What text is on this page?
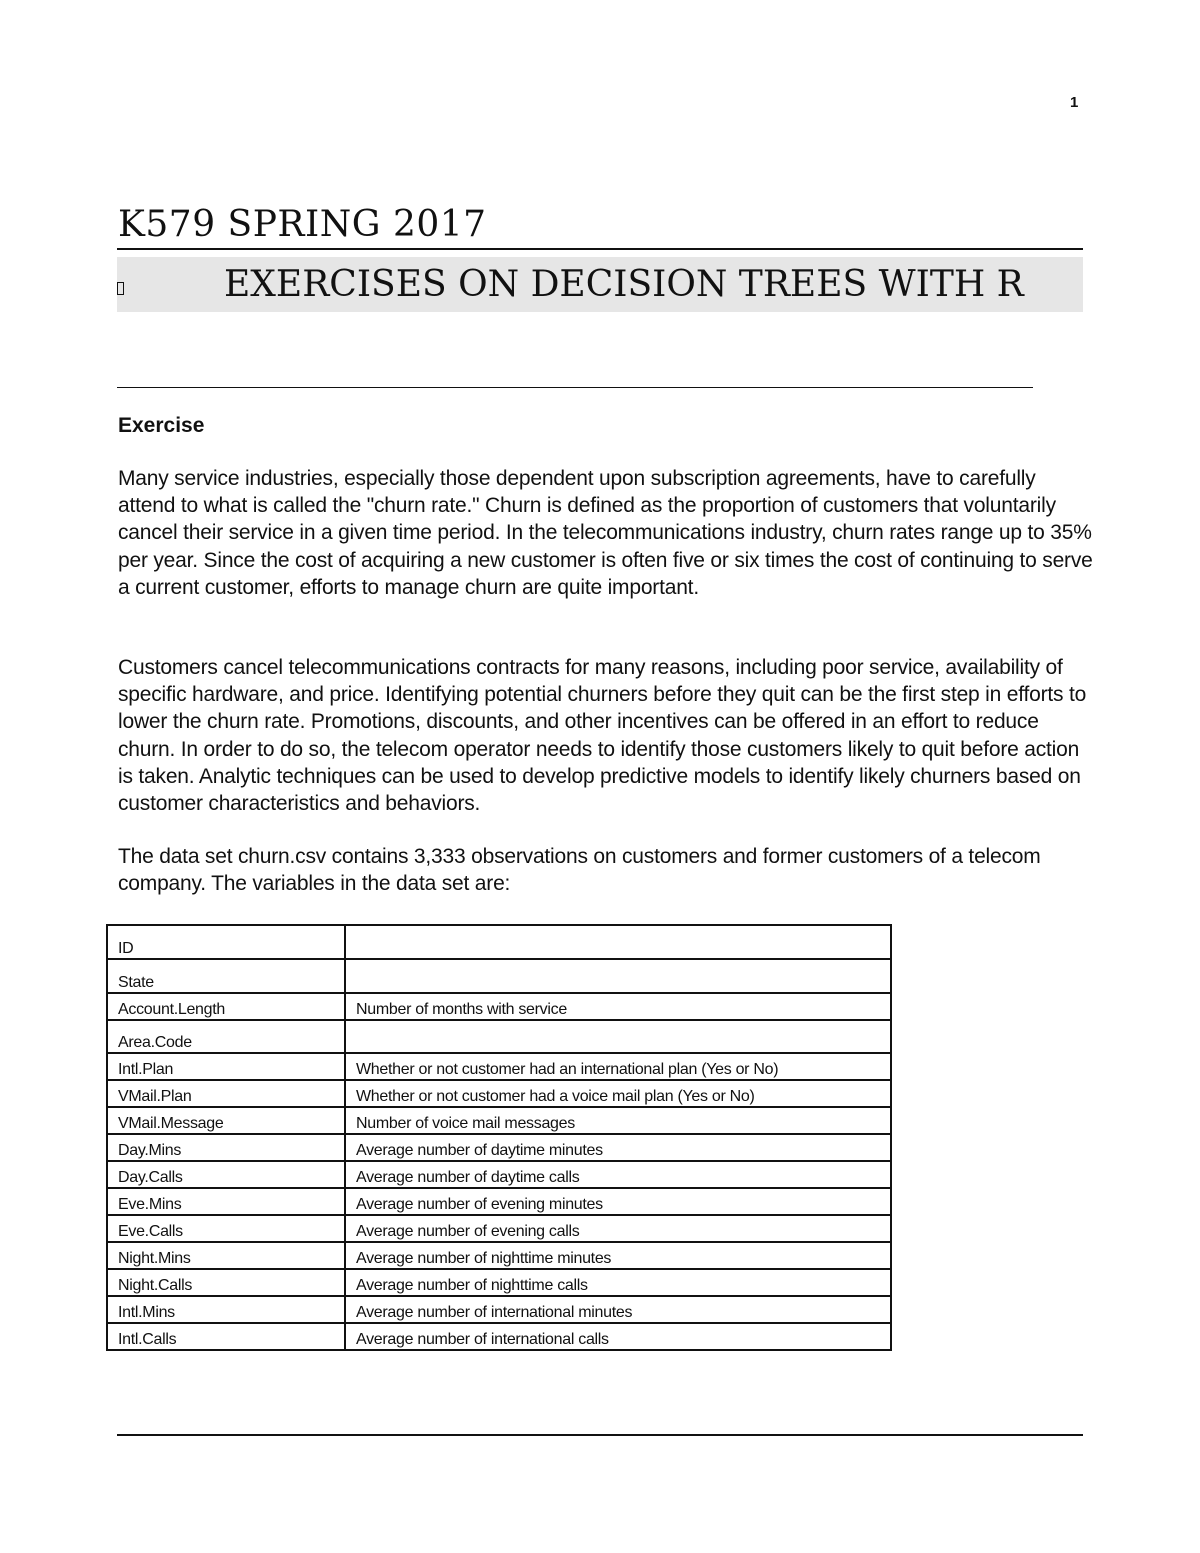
1
K579 SPRING 2017
EXERCISES ON DECISION TREES WITH R
Exercise

Many service industries, especially those dependent upon subscription agreements, have to carefully attend to what is called the "churn rate." Churn is defined as the proportion of customers that voluntarily cancel their service in a given time period. In the telecommunications industry, churn rates range up to 35% per year. Since the cost of acquiring a new customer is often five or six times the cost of continuing to serve a current customer, efforts to manage churn are quite important.

Customers cancel telecommunications contracts for many reasons, including poor service, availability of specific hardware, and price. Identifying potential churners before they quit can be the first step in efforts to lower the churn rate. Promotions, discounts, and other incentives can be offered in an effort to reduce churn. In order to do so, the telecom operator needs to identify those customers likely to quit before action is taken. Analytic techniques can be used to develop predictive models to identify likely churners based on customer characteristics and behaviors.

The data set churn.csv contains 3,333 observations on customers and former customers of a telecom company. The variables in the data set are:

ID	
State	
Account.Length	Number of months with service
Area.Code	
Intl.Plan	Whether or not customer had an international plan (Yes or No)
VMail.Plan	Whether or not customer had a voice mail plan (Yes or No)
VMail.Message	Number of voice mail messages
Day.Mins	Average number of daytime minutes
Day.Calls	Average number of daytime calls
Eve.Mins	Average number of evening minutes
Eve.Calls	Average number of evening calls
Night.Mins	Average number of nighttime minutes
Night.Calls	Average number of nighttime calls
Intl.Mins	Average number of international minutes
Intl.Calls	Average number of international calls
